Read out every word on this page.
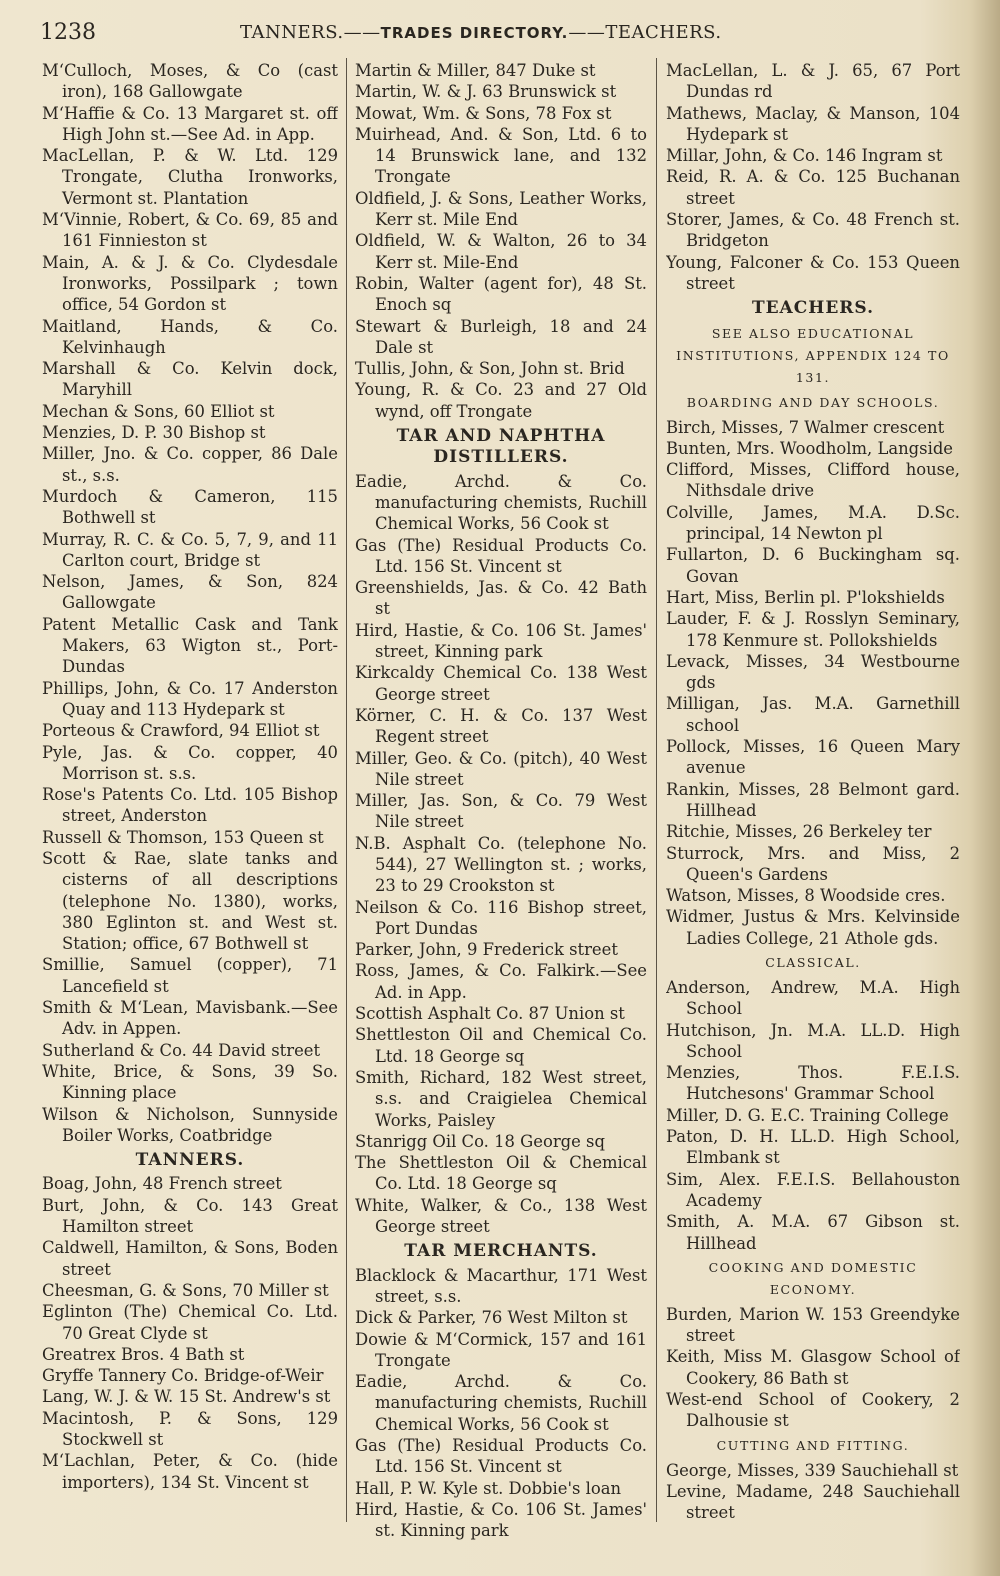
1238	TANNERS.——TRADES DIRECTORY.——TEACHERS.
M‘Culloch, Moses, & Co (cast iron), 168 Gallowgate
M‘Haffie & Co. 13 Margaret st. off High John st.—See Ad. in App.
MacLellan, P. & W. Ltd. 129 Trongate, Clutha Ironworks, Vermont st. Plantation
M‘Vinnie, Robert, & Co. 69, 85 and 161 Finnieston st
Main, A. & J. & Co. Clydesdale Ironworks, Possilpark ; town office, 54 Gordon st
Maitland, Hands, & Co. Kelvinhaugh
Marshall & Co. Kelvin dock, Maryhill
Mechan & Sons, 60 Elliot st
Menzies, D. P. 30 Bishop st
Miller, Jno. & Co. copper, 86 Dale st., s.s.
Murdoch & Cameron, 115 Bothwell st
Murray, R. C. & Co. 5, 7, 9, and 11 Carlton court, Bridge st
Nelson, James, & Son, 824 Gallowgate
Patent Metallic Cask and Tank Makers, 63 Wigton st., Port-Dundas
Phillips, John, & Co. 17 Anderston Quay and 113 Hydepark st
Porteous & Crawford, 94 Elliot st
Pyle, Jas. & Co. copper, 40 Morrison st. s.s.
Rose's Patents Co. Ltd. 105 Bishop street, Anderston
Russell & Thomson, 153 Queen st
Scott & Rae, slate tanks and cisterns of all descriptions (telephone No. 1380), works, 380 Eglinton st. and West st. Station; office, 67 Bothwell st
Smillie, Samuel (copper), 71 Lancefield st
Smith & M‘Lean, Mavisbank.—See Adv. in Appen.
Sutherland & Co. 44 David street
White, Brice, & Sons, 39 So. Kinning place
Wilson & Nicholson, Sunnyside Boiler Works, Coatbridge
TANNERS.
Boag, John, 48 French street
Burt, John, & Co. 143 Great Hamilton street
Caldwell, Hamilton, & Sons, Boden street
Cheesman, G. & Sons, 70 Miller st
Eglinton (The) Chemical Co. Ltd. 70 Great Clyde st
Greatrex Bros. 4 Bath st
Gryffe Tannery Co. Bridge-of-Weir
Lang, W. J. & W. 15 St. Andrew's st
Macintosh, P. & Sons, 129 Stockwell st
M‘Lachlan, Peter, & Co. (hide importers), 134 St. Vincent st
Martin & Miller, 847 Duke st
Martin, W. & J. 63 Brunswick st
Mowat, Wm. & Sons, 78 Fox st
Muirhead, And. & Son, Ltd. 6 to 14 Brunswick lane, and 132 Trongate
Oldfield, J. & Sons, Leather Works, Kerr st. Mile End
Oldfield, W. & Walton, 26 to 34 Kerr st. Mile-End
Robin, Walter (agent for), 48 St. Enoch sq
Stewart & Burleigh, 18 and 24 Dale st
Tullis, John, & Son, John st. Brid
Young, R. & Co. 23 and 27 Old wynd, off Trongate
TAR AND NAPHTHA DISTILLERS.
Eadie, Archd. & Co. manufacturing chemists, Ruchill Chemical Works, 56 Cook st
Gas (The) Residual Products Co. Ltd. 156 St. Vincent st
Greenshields, Jas. & Co. 42 Bath st
Hird, Hastie, & Co. 106 St. James' street, Kinning park
Kirkcaldy Chemical Co. 138 West George street
Körner, C. H. & Co. 137 West Regent street
Miller, Geo. & Co. (pitch), 40 West Nile street
Miller, Jas. Son, & Co. 79 West Nile street
N.B. Asphalt Co. (telephone No. 544), 27 Wellington st. ; works, 23 to 29 Crookston st
Neilson & Co. 116 Bishop street, Port Dundas
Parker, John, 9 Frederick street
Ross, James, & Co. Falkirk.—See Ad. in App.
Scottish Asphalt Co. 87 Union st
Shettleston Oil and Chemical Co. Ltd. 18 George sq
Smith, Richard, 182 West street, s.s. and Craigielea Chemical Works, Paisley
Stanrigg Oil Co. 18 George sq
The Shettleston Oil & Chemical Co. Ltd. 18 George sq
White, Walker, & Co., 138 West George street
TAR MERCHANTS.
Blacklock & Macarthur, 171 West street, s.s.
Dick & Parker, 76 West Milton st
Dowie & M‘Cormick, 157 and 161 Trongate
Eadie, Archd. & Co. manufacturing chemists, Ruchill Chemical Works, 56 Cook st
Gas (The) Residual Products Co. Ltd. 156 St. Vincent st
Hall, P. W. Kyle st. Dobbie's loan
Hird, Hastie, & Co. 106 St. James' st. Kinning park
MacLellan, L. & J. 65, 67 Port Dundas rd
Mathews, Maclay, & Manson, 104 Hydepark st
Millar, John, & Co. 146 Ingram st
Reid, R. A. & Co. 125 Buchanan street
Storer, James, & Co. 48 French st. Bridgeton
Young, Falconer & Co. 153 Queen street
TEACHERS.
SEE ALSO EDUCATIONAL INSTITUTIONS, APPENDIX 124 TO 131.
BOARDING AND DAY SCHOOLS.
Birch, Misses, 7 Walmer crescent
Bunten, Mrs. Woodholm, Langside
Clifford, Misses, Clifford house, Nithsdale drive
Colville, James, M.A. D.Sc. principal, 14 Newton pl
Fullarton, D. 6 Buckingham sq. Govan
Hart, Miss, Berlin pl. P'lokshields
Lauder, F. & J. Rosslyn Seminary, 178 Kenmure st. Pollokshields
Levack, Misses, 34 Westbourne gds
Milligan, Jas. M.A. Garnethill school
Pollock, Misses, 16 Queen Mary avenue
Rankin, Misses, 28 Belmont gard. Hillhead
Ritchie, Misses, 26 Berkeley ter
Sturrock, Mrs. and Miss, 2 Queen's Gardens
Watson, Misses, 8 Woodside cres.
Widmer, Justus & Mrs. Kelvinside Ladies College, 21 Athole gds.
CLASSICAL.
Anderson, Andrew, M.A. High School
Hutchison, Jn. M.A. LL.D. High School
Menzies, Thos. F.E.I.S. Hutchesons' Grammar School
Miller, D. G. E.C. Training College
Paton, D. H. LL.D. High School, Elmbank st
Sim, Alex. F.E.I.S. Bellahouston Academy
Smith, A. M.A. 67 Gibson st. Hillhead
COOKING AND DOMESTIC ECONOMY.
Burden, Marion W. 153 Greendyke street
Keith, Miss M. Glasgow School of Cookery, 86 Bath st
West-end School of Cookery, 2 Dalhousie st
CUTTING AND FITTING.
George, Misses, 339 Sauchiehall st
Levine, Madame, 248 Sauchiehall street
